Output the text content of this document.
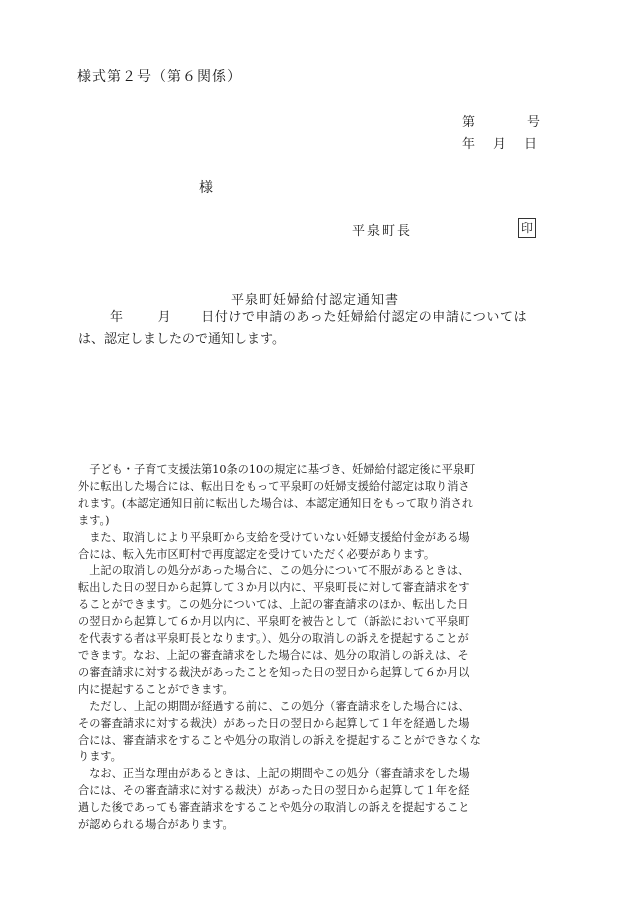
様式第２号（第６関係）
第	号
年 月 日
様
平泉町長	印
平泉町妊婦給付認定通知書
年	月 日付けで申請のあった妊婦給付認定の申請については
は、認定しましたので通知します。

　子ども・子育て支援法第10条の10の規定に基づき、妊婦給付認定後に平泉町
外に転出した場合には、転出日をもって平泉町の妊婦支援給付認定は取り消さ
れます。(本認定通知日前に転出した場合は、本認定通知日をもって取り消され
ます。)

　また、取消しにより平泉町から支給を受けていない妊婦支援給付金がある場
合には、転入先市区町村で再度認定を受けていただく必要があります。

　上記の取消しの処分があった場合に、この処分について不服があるときは、
転出した日の翌日から起算して３か月以内に、平泉町長に対して審査請求をす
ることができます。この処分については、上記の審査請求のほか、転出した日
の翌日から起算して６か月以内に、平泉町を被告として（訴訟において平泉町
を代表する者は平泉町長となります。）、処分の取消しの訴えを提起することが
できます。なお、上記の審査請求をした場合には、処分の取消しの訴えは、そ
の審査請求に対する裁決があったことを知った日の翌日から起算して６か月以
内に提起することができます。

　ただし、上記の期間が経過する前に、この処分（審査請求をした場合には、
その審査請求に対する裁決）があった日の翌日から起算して１年を経過した場
合には、審査請求をすることや処分の取消しの訴えを提起することができなくな
ります。

　なお、正当な理由があるときは、上記の期間やこの処分（審査請求をした場
合には、その審査請求に対する裁決）があった日の翌日から起算して１年を経
過した後であっても審査請求をすることや処分の取消しの訴えを提起すること
が認められる場合があります。
